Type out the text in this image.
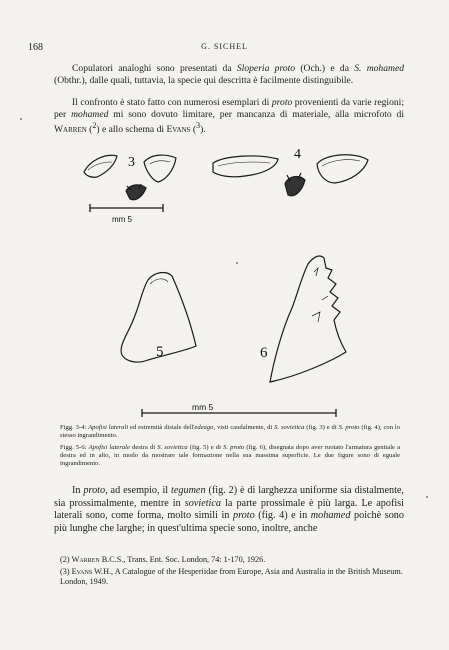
168	G. SICHEL

Copulatori analoghi sono presentati da Sloperia proto (Och.) e da S. mohamed (Obthr.), dalle quali, tuttavia, la specie qui descritta è facilmente distinguibile.

Il confronto è stato fatto con numerosi esemplari di proto provenienti da varie regioni; per mohamed mi sono dovuto limitare, per mancanza di materiale, alla microfoto di Warren ($^2$) e allo schema di Evans ($^3$).

3
4
mm 5
5	6
mm 5

Figg. 3-4: Apofisi laterali ed estremità distale dell'edeago, visti caudalmente, di S. sovietica (fig. 3) e di S. proto (fig. 4), con lo stesso ingrandimento.

Figg. 5-6: Apofisi laterale destra di S. sovietica (fig. 5) e di S. proto (fig. 6), disegnata dopo aver ruotato l'armatura genitale a destra ed in alto, in modo da mostrare tale formazione nella sua massima superficie. Le due figure sono di eguale ingrandimento.

In proto, ad esempio, il tegumen (fig. 2) è di larghezza uniforme sia distalmente, sia prossimalmente, mentre in sovietica la parte prossimale è più larga. Le apofisi laterali sono, come forma, molto simili in proto (fig. 4) e in mohamed poichè sono più lunghe che larghe; in quest'ultima specie sono, inoltre, anche

(2) Warren B.C.S., Trans. Ent. Soc. London, 74: 1-170, 1926.

(3) Evans W.H., A Catalogue of the Hesperiidae from Europe, Asia and Australia in the British Museum. London, 1949.
